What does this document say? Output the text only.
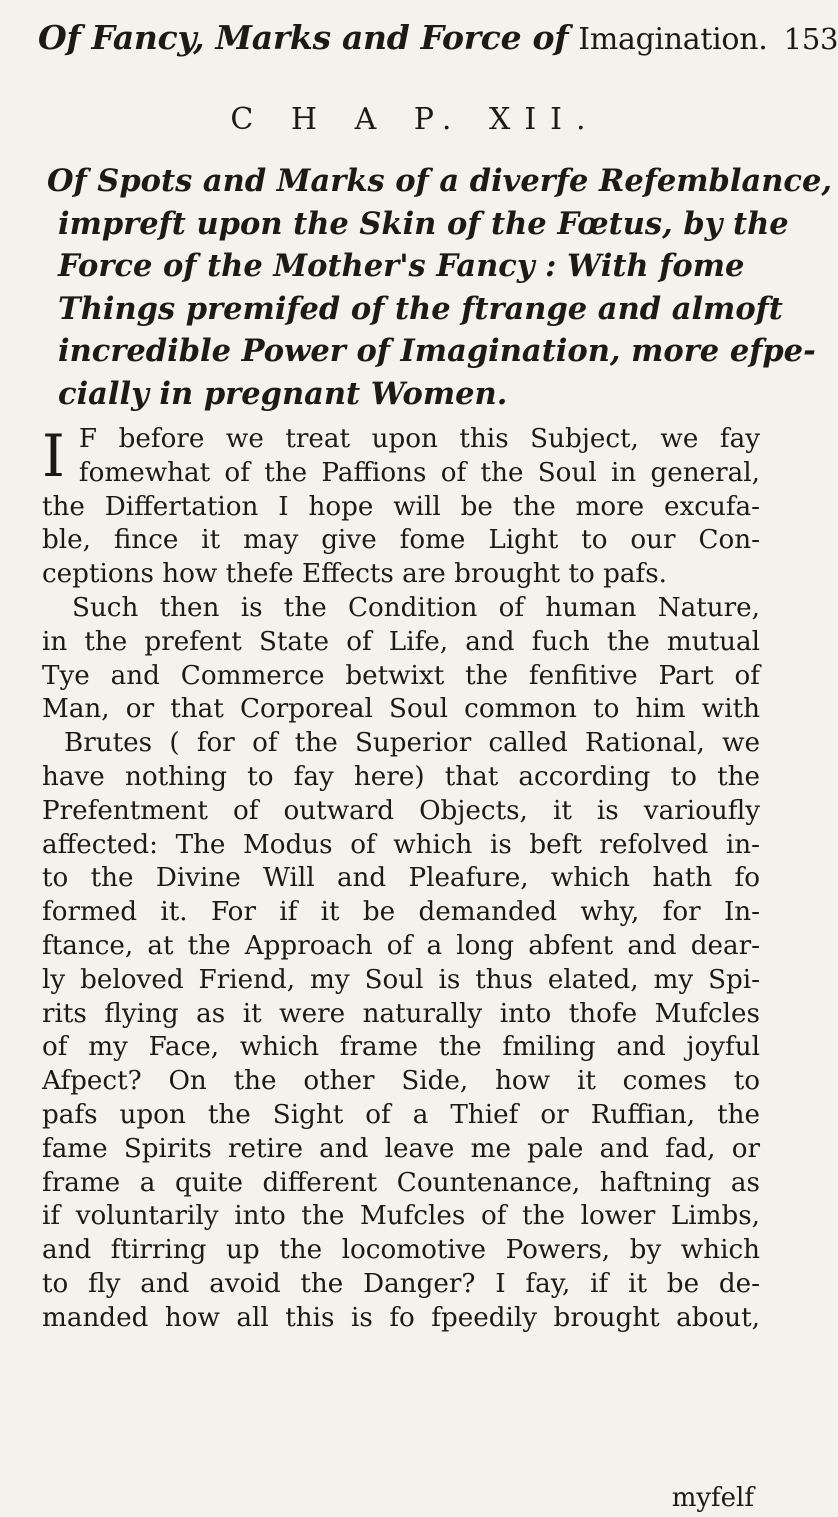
Of Fancy, Marks and Force of Imagination. 153
C H A P. XII.
Of Spots and Marks of a diverfe Refemblance,
impreft upon the Skin of the Fœtus, by the
Force of the Mother's Fancy : With fome
Things premifed of the ftrange and almoft
incredible Power of Imagination, more efpe-
cially in pregnant Women.
I F before we treat upon this Subject, we fay
fomewhat of the Paffions of the Soul in general,
the Differtation I hope will be the more excufa-
ble, fince it may give fome Light to our Con-
ceptions how thefe Effects are brought to pafs.
Such then is the Condition of human Nature,
in the prefent State of Life, and fuch the mutual
Tye and Commerce betwixt the fenfitive Part of
Man, or that Corporeal Soul common to him with
Brutes ( for of the Superior called Rational, we
have nothing to fay here) that according to the
Prefentment of outward Objects, it is varioufly
affected: The Modus of which is beft refolved in-
to the Divine Will and Pleafure, which hath fo
formed it. For if it be demanded why, for In-
ftance, at the Approach of a long abfent and dear-
ly beloved Friend, my Soul is thus elated, my Spi-
rits flying as it were naturally into thofe Mufcles
of my Face, which frame the fmiling and joyful
Afpect? On the other Side, how it comes to
pafs upon the Sight of a Thief or Ruffian, the
fame Spirits retire and leave me pale and fad, or
frame a quite different Countenance, haftning as
if voluntarily into the Mufcles of the lower Limbs,
and ftirring up the locomotive Powers, by which
to fly and avoid the Danger? I fay, if it be de-
manded how all this is fo fpeedily brought about,
myfelf
